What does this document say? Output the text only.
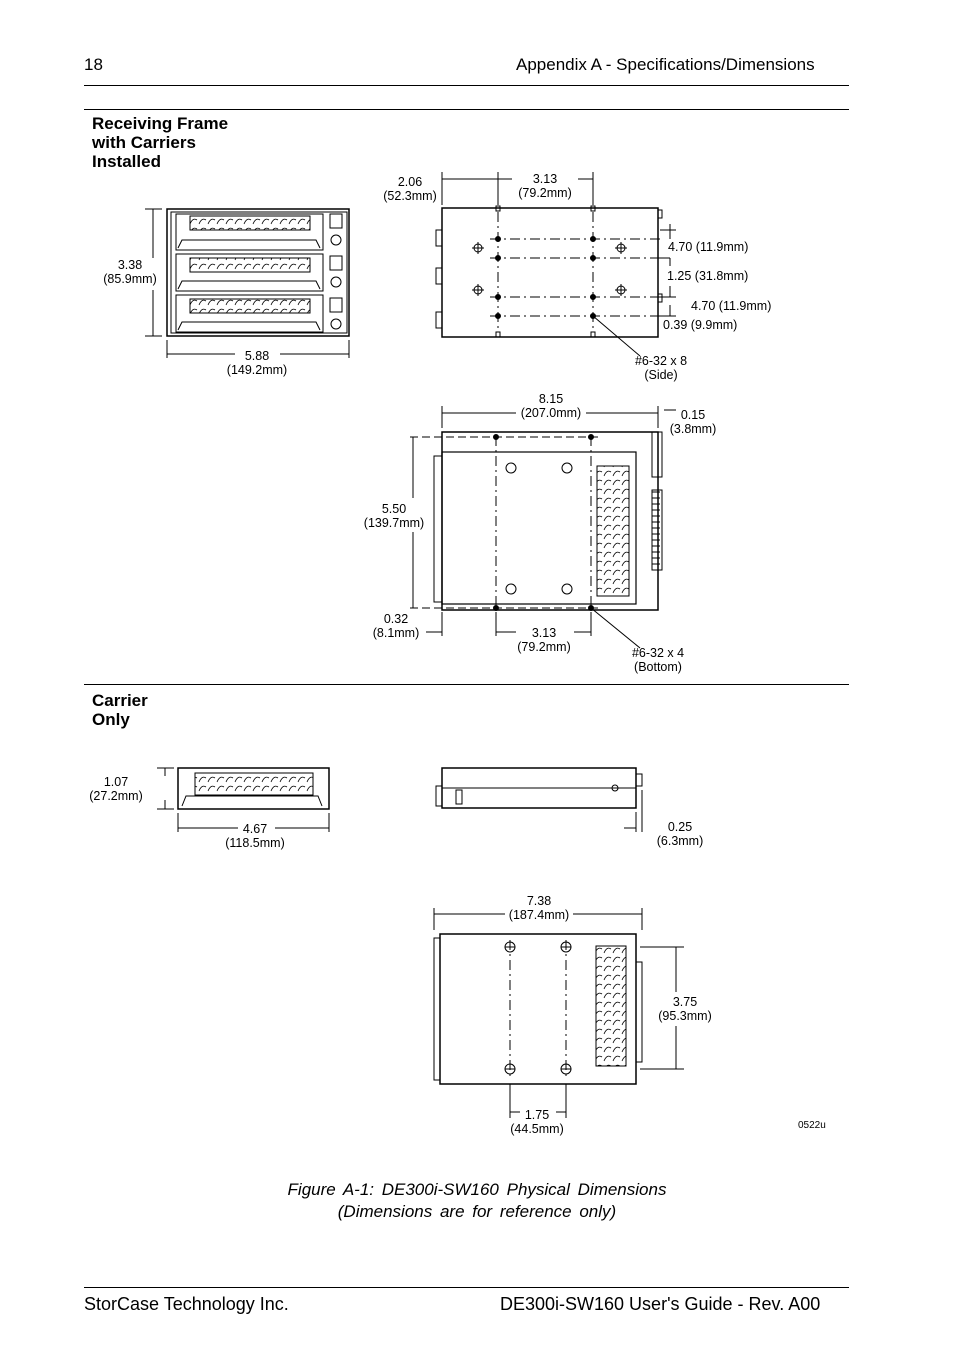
18	Appendix A - Specifications/Dimensions
Receiving Frame
with Carriers
Installed
Carrier
Only
3.38
(85.9mm)
5.88
(149.2mm)
2.06
(52.3mm)
3.13
(79.2mm)
4.70 (11.9mm)
1.25 (31.8mm)
4.70 (11.9mm)
0.39 (9.9mm)
#6-32 x 8
(Side)
8.15
(207.0mm)	0.15
(3.8mm)
5.50
(139.7mm)
0.32
(8.1mm)	3.13
(79.2mm)	#6-32 x 4
(Bottom)
1.07
(27.2mm)
4.67
(118.5mm)
0.25
(6.3mm)
7.38
(187.4mm)
3.75
(95.3mm)
1.75
(44.5mm)	0522u
Figure A-1: DE300i-SW160 Physical Dimensions
(Dimensions are for reference only)
StorCase Technology Inc.	DE300i-SW160 User's Guide - Rev. A00
